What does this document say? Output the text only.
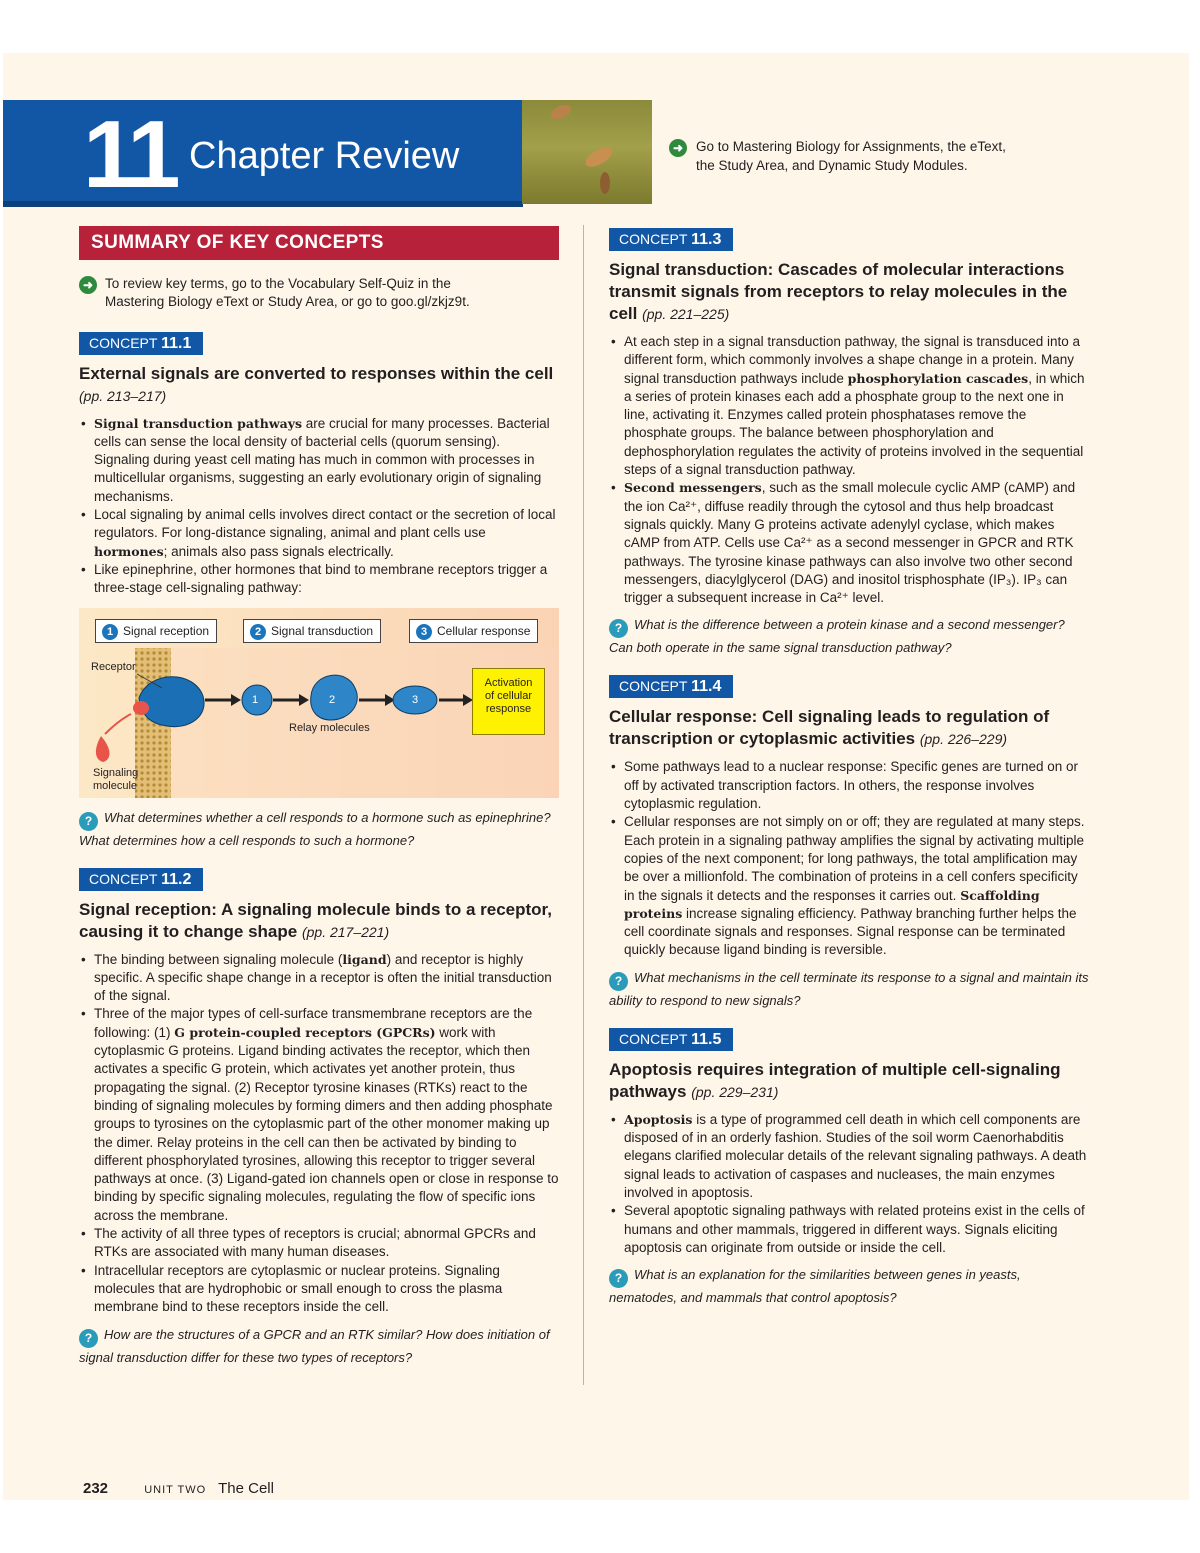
11 Chapter Review	➜ Go to Mastering Biology for Assignments, the eText,
the Study Area, and Dynamic Study Modules.
SUMMARY OF KEY CONCEPTS
➜ To review key terms, go to the Vocabulary Self-Quiz in the
Mastering Biology eText or Study Area, or go to goo.gl/zkjz9t.
CONCEPT 11.1
External signals are converted to responses within the cell (pp. 213–217)
• Signal transduction pathways are crucial for many processes. Bacterial cells can sense the local density of bacterial cells (quorum sensing). Signaling during yeast cell mating has much in common with processes in multicellular organisms, suggesting an early evolutionary origin of signaling mechanisms.
• Local signaling by animal cells involves direct contact or the secretion of local regulators. For long-distance signaling, animal and plant cells use hormones; animals also pass signals electrically.
• Like epinephrine, other hormones that bind to membrane receptors trigger a three-stage cell-signaling pathway:
1 Signal reception	2 Signal transduction	3 Cellular response
1	2	3
Receptor
Relay molecules
Signaling
molecule
Activation
of cellular
response
? What determines whether a cell responds to a hormone such as epinephrine? What determines how a cell responds to such a hormone?
CONCEPT 11.2
Signal reception: A signaling molecule binds to a receptor, causing it to change shape (pp. 217–221)
• The binding between signaling molecule (ligand) and receptor is highly specific. A specific shape change in a receptor is often the initial transduction of the signal.
• Three of the major types of cell-surface transmembrane receptors are the following: (1) G protein-coupled receptors (GPCRs) work with cytoplasmic G proteins. Ligand binding activates the receptor, which then activates a specific G protein, which activates yet another protein, thus propagating the signal. (2) Receptor tyrosine kinases (RTKs) react to the binding of signaling molecules by forming dimers and then adding phosphate groups to tyrosines on the cytoplasmic part of the other monomer making up the dimer. Relay proteins in the cell can then be activated by binding to different phosphorylated tyrosines, allowing this receptor to trigger several pathways at once. (3) Ligand-gated ion channels open or close in response to binding by specific signaling molecules, regulating the flow of specific ions across the membrane.
• The activity of all three types of receptors is crucial; abnormal GPCRs and RTKs are associated with many human diseases.
• Intracellular receptors are cytoplasmic or nuclear proteins. Signaling molecules that are hydrophobic or small enough to cross the plasma membrane bind to these receptors inside the cell.
? How are the structures of a GPCR and an RTK similar? How does initiation of signal transduction differ for these two types of receptors?
CONCEPT 11.3
Signal transduction: Cascades of molecular interactions transmit signals from receptors to relay molecules in the cell (pp. 221–225)
• At each step in a signal transduction pathway, the signal is transduced into a different form, which commonly involves a shape change in a protein. Many signal transduction pathways include phosphorylation cascades, in which a series of protein kinases each add a phosphate group to the next one in line, activating it. Enzymes called protein phosphatases remove the phosphate groups. The balance between phosphorylation and dephosphorylation regulates the activity of proteins involved in the sequential steps of a signal transduction pathway.
• Second messengers, such as the small molecule cyclic AMP (cAMP) and the ion Ca²⁺, diffuse readily through the cytosol and thus help broadcast signals quickly. Many G proteins activate adenylyl cyclase, which makes cAMP from ATP. Cells use Ca²⁺ as a second messenger in GPCR and RTK pathways. The tyrosine kinase pathways can also involve two other second messengers, diacylglycerol (DAG) and inositol trisphosphate (IP₃). IP₃ can trigger a subsequent increase in Ca²⁺ level.
? What is the difference between a protein kinase and a second messenger? Can both operate in the same signal transduction pathway?
CONCEPT 11.4
Cellular response: Cell signaling leads to regulation of transcription or cytoplasmic activities (pp. 226–229)
• Some pathways lead to a nuclear response: Specific genes are turned on or off by activated transcription factors. In others, the response involves cytoplasmic regulation.
• Cellular responses are not simply on or off; they are regulated at many steps. Each protein in a signaling pathway amplifies the signal by activating multiple copies of the next component; for long pathways, the total amplification may be over a millionfold. The combination of proteins in a cell confers specificity in the signals it detects and the responses it carries out. Scaffolding proteins increase signaling efficiency. Pathway branching further helps the cell coordinate signals and responses. Signal response can be terminated quickly because ligand binding is reversible.
? What mechanisms in the cell terminate its response to a signal and maintain its ability to respond to new signals?
CONCEPT 11.5
Apoptosis requires integration of multiple cell-signaling pathways (pp. 229–231)
• Apoptosis is a type of programmed cell death in which cell components are disposed of in an orderly fashion. Studies of the soil worm Caenorhabditis elegans clarified molecular details of the relevant signaling pathways. A death signal leads to activation of caspases and nucleases, the main enzymes involved in apoptosis.
• Several apoptotic signaling pathways with related proteins exist in the cells of humans and other mammals, triggered in different ways. Signals eliciting apoptosis can originate from outside or inside the cell.
? What is an explanation for the similarities between genes in yeasts, nematodes, and mammals that control apoptosis?
232	UNIT TWO The Cell
